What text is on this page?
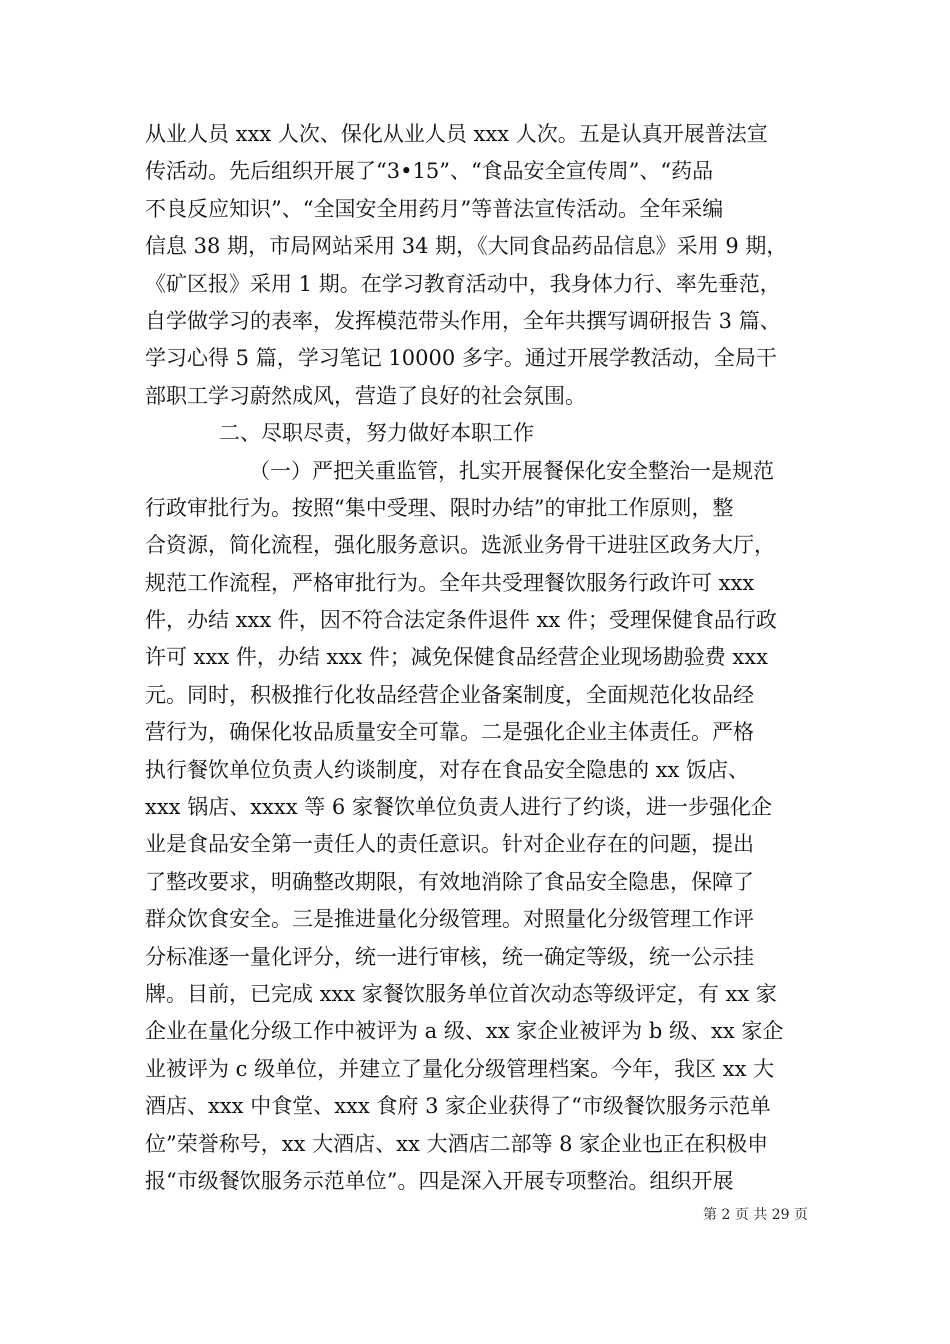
从业人员 xxx 人次、保化从业人员 xxx 人次。五是认真开展普法宣
传活动。先后组织开展了“3•15”、“食品安全宣传周”、“药品
不良反应知识”、“全国安全用药月”等普法宣传活动。全年采编
信息 38 期，市局网站采用 34 期，《大同食品药品信息》采用 9 期，
《矿区报》采用 1 期。在学习教育活动中，我身体力行、率先垂范，
自学做学习的表率，发挥模范带头作用，全年共撰写调研报告 3 篇、
学习心得 5 篇，学习笔记 10000 多字。通过开展学教活动，全局干
部职工学习蔚然成风，营造了良好的社会氛围。
二、尽职尽责，努力做好本职工作
（一）严把关重监管，扎实开展餐保化安全整治一是规范
行政审批行为。按照“集中受理、限时办结”的审批工作原则，整
合资源，简化流程，强化服务意识。选派业务骨干进驻区政务大厅，
规范工作流程，严格审批行为。全年共受理餐饮服务行政许可 xxx
件，办结 xxx 件，因不符合法定条件退件 xx 件；受理保健食品行政
许可 xxx 件，办结 xxx 件；减免保健食品经营企业现场勘验费 xxx
元。同时，积极推行化妆品经营企业备案制度，全面规范化妆品经
营行为，确保化妆品质量安全可靠。二是强化企业主体责任。严格
执行餐饮单位负责人约谈制度，对存在食品安全隐患的 xx 饭店、
xxx 锅店、xxxx 等 6 家餐饮单位负责人进行了约谈，进一步强化企
业是食品安全第一责任人的责任意识。针对企业存在的问题，提出
了整改要求，明确整改期限，有效地消除了食品安全隐患，保障了
群众饮食安全。三是推进量化分级管理。对照量化分级管理工作评
分标准逐一量化评分，统一进行审核，统一确定等级，统一公示挂
牌。目前，已完成 xxx 家餐饮服务单位首次动态等级评定，有 xx 家
企业在量化分级工作中被评为 a 级、xx 家企业被评为 b 级、xx 家企
业被评为 c 级单位，并建立了量化分级管理档案。今年，我区 xx 大
酒店、xxx 中食堂、xxx 食府 3 家企业获得了“市级餐饮服务示范单
位”荣誉称号，xx 大酒店、xx 大酒店二部等 8 家企业也正在积极申
报“市级餐饮服务示范单位”。四是深入开展专项整治。组织开展
第 2 页 共 29 页
